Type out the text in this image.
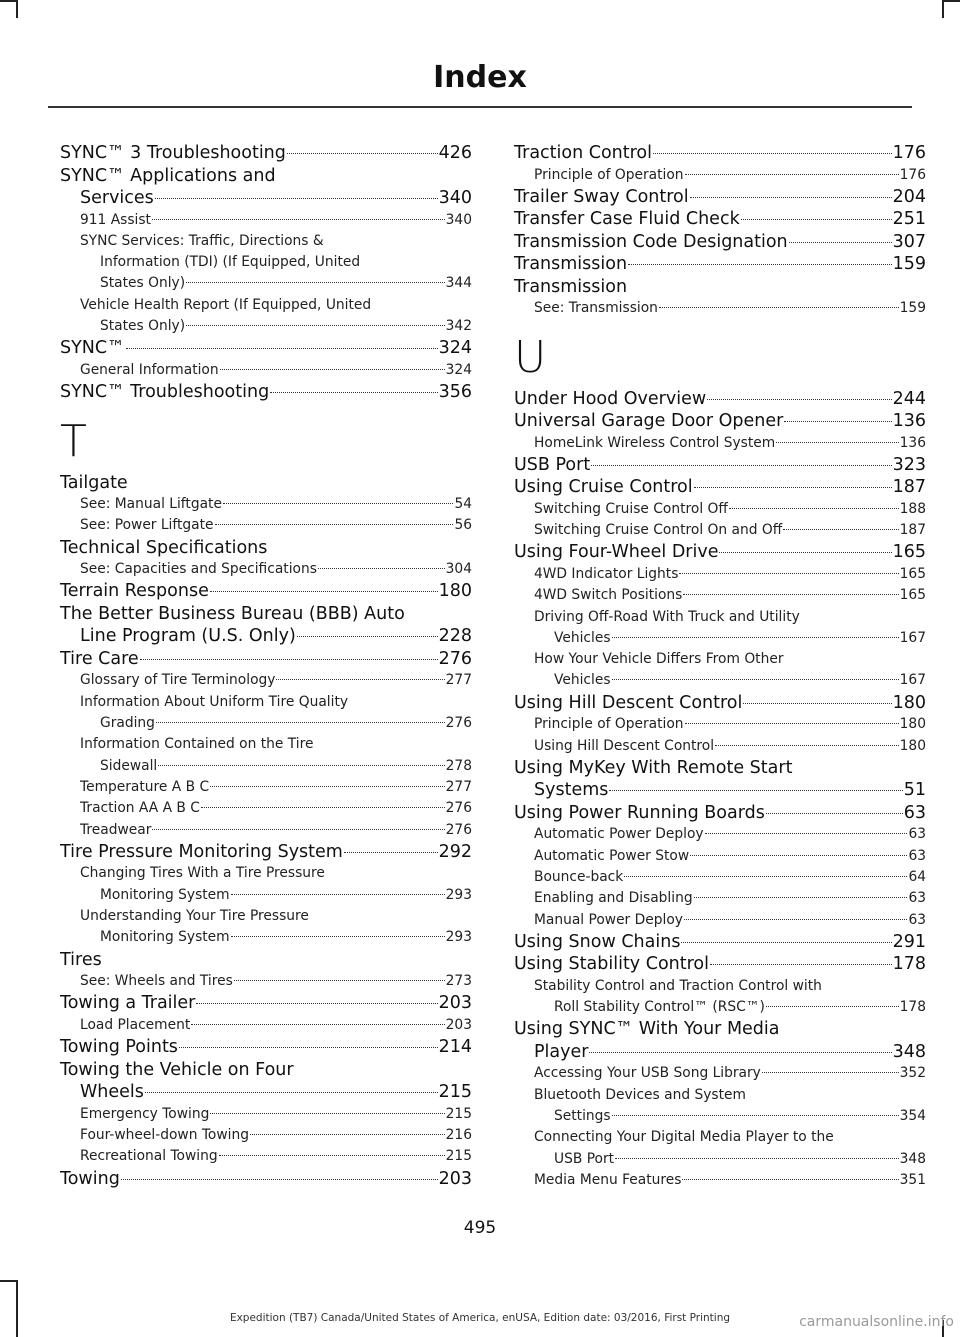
Index
SYNC™ 3 Troubleshooting	426
SYNC™ Applications and
Services	340
911 Assist	340
SYNC Services: Traffic, Directions &
Information (TDI) (If Equipped, United
States Only)	344
Vehicle Health Report (If Equipped, United
States Only)	342
SYNC™	324
General Information	324
SYNC™ Troubleshooting	356
T
Tailgate
See: Manual Liftgate	54
See: Power Liftgate	56
Technical Specifications
See: Capacities and Specifications	304
Terrain Response	180
The Better Business Bureau (BBB) Auto
Line Program (U.S. Only)	228
Tire Care	276
Glossary of Tire Terminology	277
Information About Uniform Tire Quality
Grading	276
Information Contained on the Tire
Sidewall	278
Temperature A B C	277
Traction AA A B C	276
Treadwear	276
Tire Pressure Monitoring System	292
Changing Tires With a Tire Pressure
Monitoring System	293
Understanding Your Tire Pressure
Monitoring System	293
Tires
See: Wheels and Tires	273
Towing a Trailer	203
Load Placement	203
Towing Points	214
Towing the Vehicle on Four
Wheels	215
Emergency Towing	215
Four-wheel-down Towing	216
Recreational Towing	215
Towing	203
Traction Control	176
Principle of Operation	176
Trailer Sway Control	204
Transfer Case Fluid Check	251
Transmission Code Designation	307
Transmission	159
Transmission
See: Transmission	159
U
Under Hood Overview	244
Universal Garage Door Opener	136
HomeLink Wireless Control System	136
USB Port	323
Using Cruise Control	187
Switching Cruise Control Off	188
Switching Cruise Control On and Off	187
Using Four-Wheel Drive	165
4WD Indicator Lights	165
4WD Switch Positions	165
Driving Off-Road With Truck and Utility
Vehicles	167
How Your Vehicle Differs From Other
Vehicles	167
Using Hill Descent Control	180
Principle of Operation	180
Using Hill Descent Control	180
Using MyKey With Remote Start
Systems	51
Using Power Running Boards	63
Automatic Power Deploy	63
Automatic Power Stow	63
Bounce-back	64
Enabling and Disabling	63
Manual Power Deploy	63
Using Snow Chains	291
Using Stability Control	178
Stability Control and Traction Control with
Roll Stability Control™ (RSC™)	178
Using SYNC™ With Your Media
Player	348
Accessing Your USB Song Library	352
Bluetooth Devices and System
Settings	354
Connecting Your Digital Media Player to the
USB Port	348
Media Menu Features	351
495
Expedition (TB7) Canada/United States of America, enUSA, Edition date: 03/2016, First Printing	carmanualsonline.info
